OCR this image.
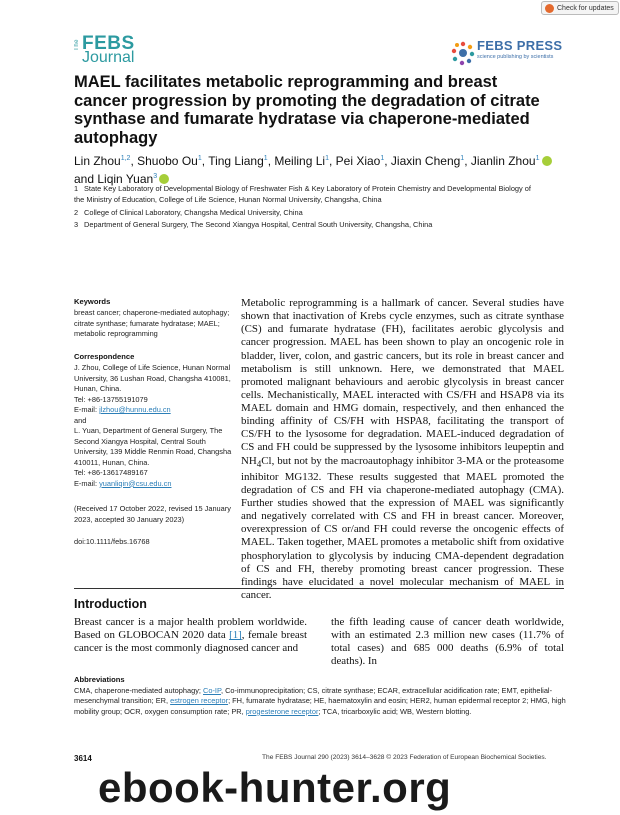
Check for updates
The FEBS
Journal
FEBS PRESS
science publishing by scientists
MAEL facilitates metabolic reprogramming and breast cancer progression by promoting the degradation of citrate synthase and fumarate hydratase via chaperone-mediated autophagy
Lin Zhou$^{1,2}$, Shuobo Ou$^1$, Ting Liang$^1$, Meiling Li$^1$, Pei Xiao$^1$, Jiaxin Cheng$^1$, Jianlin Zhou$^1$ and Liqin Yuan$^3$
1 State Key Laboratory of Developmental Biology of Freshwater Fish & Key Laboratory of Protein Chemistry and Developmental Biology of
the Ministry of Education, College of Life Science, Hunan Normal University, Changsha, China
2 College of Clinical Laboratory, Changsha Medical University, China
3 Department of General Surgery, The Second Xiangya Hospital, Central South University, Changsha, China
Keywords
breast cancer; chaperone-mediated autophagy; citrate synthase; fumarate hydratase; MAEL; metabolic reprogramming
Correspondence
J. Zhou, College of Life Science, Hunan Normal University, 36 Lushan Road, Changsha 410081, Hunan, China.
Tel: +86-13755191079
E-mail: jlzhou@hunnu.edu.cn
and
L. Yuan, Department of General Surgery, The Second Xiangya Hospital, Central South University, 139 Middle Renmin Road, Changsha 410011, Hunan, China.
Tel: +86-13617489167
E-mail: yuanliqin@csu.edu.cn
(Received 17 October 2022, revised 15 January 2023, accepted 30 January 2023)
doi:10.1111/febs.16768

Metabolic reprogramming is a hallmark of cancer. Several studies have shown that inactivation of Krebs cycle enzymes, such as citrate synthase (CS) and fumarate hydratase (FH), facilitates aerobic glycolysis and cancer progression. MAEL has been shown to play an oncogenic role in bladder, liver, colon, and gastric cancers, but its role in breast cancer and metabolism is still unknown. Here, we demonstrated that MAEL promoted malignant behaviours and aerobic glycolysis in breast cancer cells. Mechanistically, MAEL interacted with CS/FH and HSAP8 via its MAEL domain and HMG domain, respectively, and then enhanced the binding affinity of CS/FH with HSPA8, facilitating the transport of CS/FH to the lysosome for degradation. MAEL-induced degradation of CS and FH could be suppressed by the lysosome inhibitors leupeptin and $NH_4Cl$, but not by the macroautophagy inhibitor 3-MA or the proteasome inhibitor MG132. These results suggested that MAEL promoted the degradation of CS and FH via chaperone-mediated autophagy (CMA). Further studies showed that the expression of MAEL was significantly and negatively correlated with CS and FH in breast cancer. Moreover, overexpression of CS or/and FH could reverse the oncogenic effects of MAEL. Taken together, MAEL promotes a metabolic shift from oxidative phosphorylation to glycolysis by inducing CMA-dependent degradation of CS and FH, thereby promoting breast cancer progression. These findings have elucidated a novel molecular mechanism of MAEL in cancer.

Introduction

Breast cancer is a major health problem worldwide. Based on GLOBOCAN 2020 data [1], female breast cancer is the most commonly diagnosed cancer and

the fifth leading cause of cancer death worldwide, with an estimated 2.3 million new cases (11.7% of total cases) and 685 000 deaths (6.9% of total deaths). In

Abbreviations

CMA, chaperone-mediated autophagy; Co-IP, Co-immunoprecipitation; CS, citrate synthase; ECAR, extracellular acidification rate; EMT, epithelial-mesenchymal transition; ER, estrogen receptor; FH, fumarate hydratase; HE, haematoxylin and eosin; HER2, human epidermal receptor 2; HMG, high mobility group; OCR, oxygen consumption rate; PR, progesterone receptor; TCA, tricarboxylic acid; WB, Western blotting.

3614	The FEBS Journal 290 (2023) 3614–3628 © 2023 Federation of European Biochemical Societies.
ebook-hunter.org
